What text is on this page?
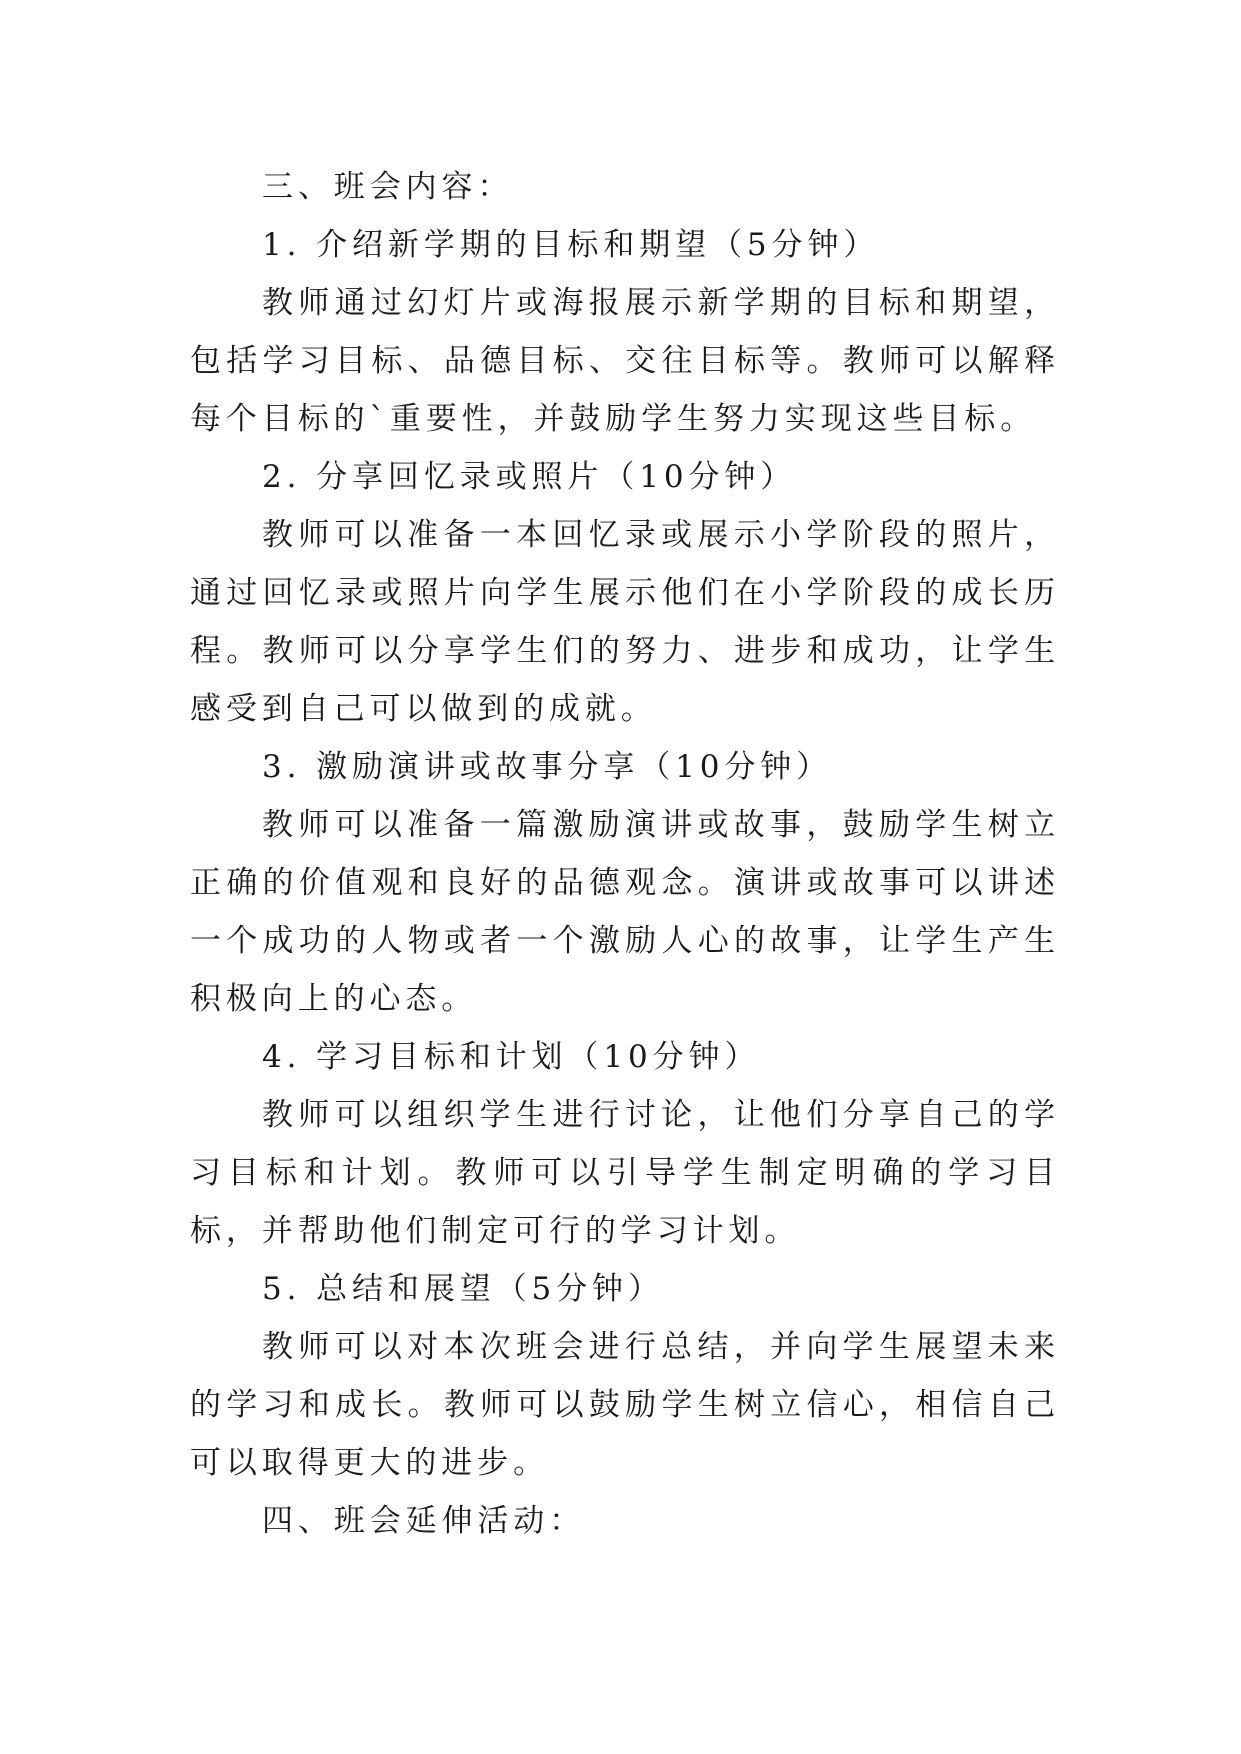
三、班会内容：

1. 介绍新学期的目标和期望（5分钟）

教师通过幻灯片或海报展示新学期的目标和期望，包括学习目标、品德目标、交往目标等。教师可以解释每个目标的`重要性，并鼓励学生努力实现这些目标。

2. 分享回忆录或照片（10分钟）

教师可以准备一本回忆录或展示小学阶段的照片，通过回忆录或照片向学生展示他们在小学阶段的成长历程。教师可以分享学生们的努力、进步和成功，让学生感受到自己可以做到的成就。

3. 激励演讲或故事分享（10分钟）

教师可以准备一篇激励演讲或故事，鼓励学生树立正确的价值观和良好的品德观念。演讲或故事可以讲述一个成功的人物或者一个激励人心的故事，让学生产生积极向上的心态。

4. 学习目标和计划（10分钟）

教师可以组织学生进行讨论，让他们分享自己的学习目标和计划。教师可以引导学生制定明确的学习目标，并帮助他们制定可行的学习计划。

5. 总结和展望（5分钟）

教师可以对本次班会进行总结，并向学生展望未来的学习和成长。教师可以鼓励学生树立信心，相信自己可以取得更大的进步。

四、班会延伸活动：
